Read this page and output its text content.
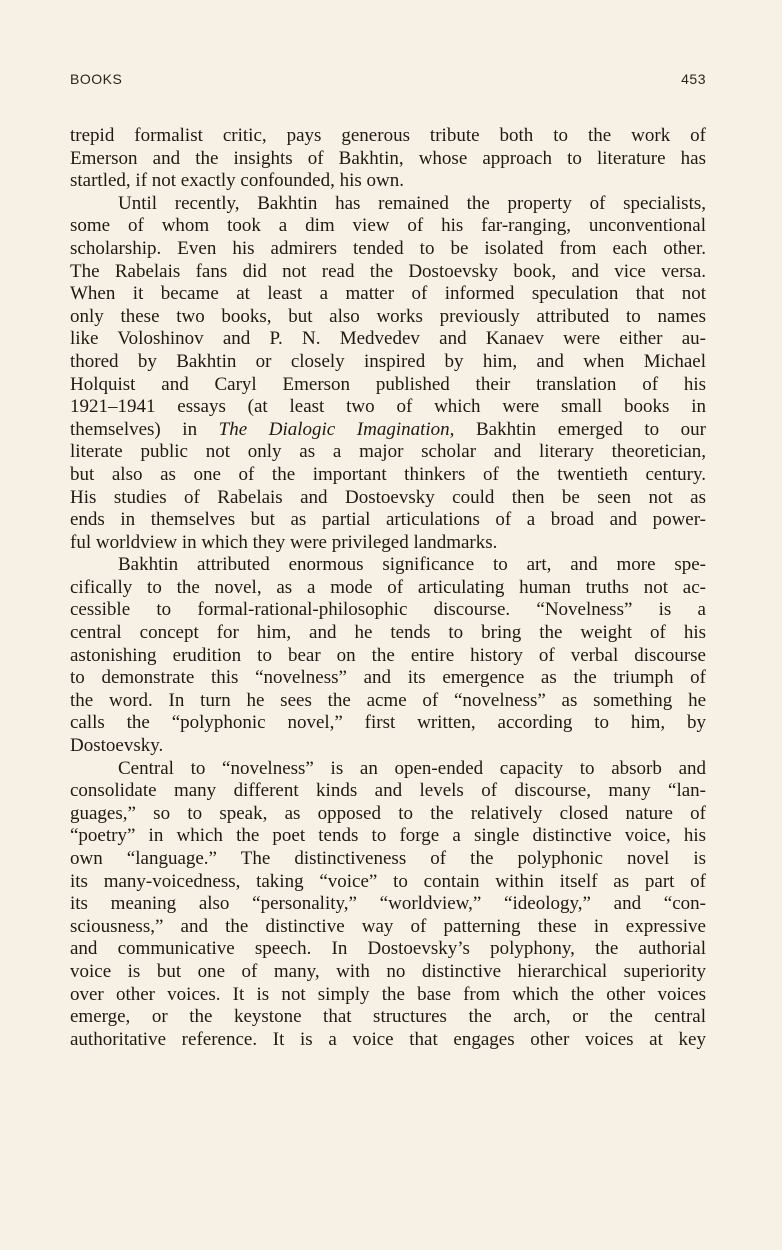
BOOKS	453
trepid formalist critic, pays generous tribute both to the work of
Emerson and the insights of Bakhtin, whose approach to literature has
startled, if not exactly confounded, his own.
Until recently, Bakhtin has remained the property of specialists,
some of whom took a dim view of his far-ranging, unconventional
scholarship. Even his admirers tended to be isolated from each other.
The Rabelais fans did not read the Dostoevsky book, and vice versa.
When it became at least a matter of informed speculation that not
only these two books, but also works previously attributed to names
like Voloshinov and P. N. Medvedev and Kanaev were either au-
thored by Bakhtin or closely inspired by him, and when Michael
Holquist and Caryl Emerson published their translation of his
1921–1941 essays (at least two of which were small books in
themselves) in The Dialogic Imagination, Bakhtin emerged to our
literate public not only as a major scholar and literary theoretician,
but also as one of the important thinkers of the twentieth century.
His studies of Rabelais and Dostoevsky could then be seen not as
ends in themselves but as partial articulations of a broad and power-
ful worldview in which they were privileged landmarks.
Bakhtin attributed enormous significance to art, and more spe-
cifically to the novel, as a mode of articulating human truths not ac-
cessible to formal-rational-philosophic discourse. “Novelness” is a
central concept for him, and he tends to bring the weight of his
astonishing erudition to bear on the entire history of verbal discourse
to demonstrate this “novelness” and its emergence as the triumph of
the word. In turn he sees the acme of “novelness” as something he
calls the “polyphonic novel,” first written, according to him, by
Dostoevsky.
Central to “novelness” is an open-ended capacity to absorb and
consolidate many different kinds and levels of discourse, many “lan-
guages,” so to speak, as opposed to the relatively closed nature of
“poetry” in which the poet tends to forge a single distinctive voice, his
own “language.” The distinctiveness of the polyphonic novel is
its many-voicedness, taking “voice” to contain within itself as part of
its meaning also “personality,” “worldview,” “ideology,” and “con-
sciousness,” and the distinctive way of patterning these in expressive
and communicative speech. In Dostoevsky’s polyphony, the authorial
voice is but one of many, with no distinctive hierarchical superiority
over other voices. It is not simply the base from which the other voices
emerge, or the keystone that structures the arch, or the central
authoritative reference. It is a voice that engages other voices at key
